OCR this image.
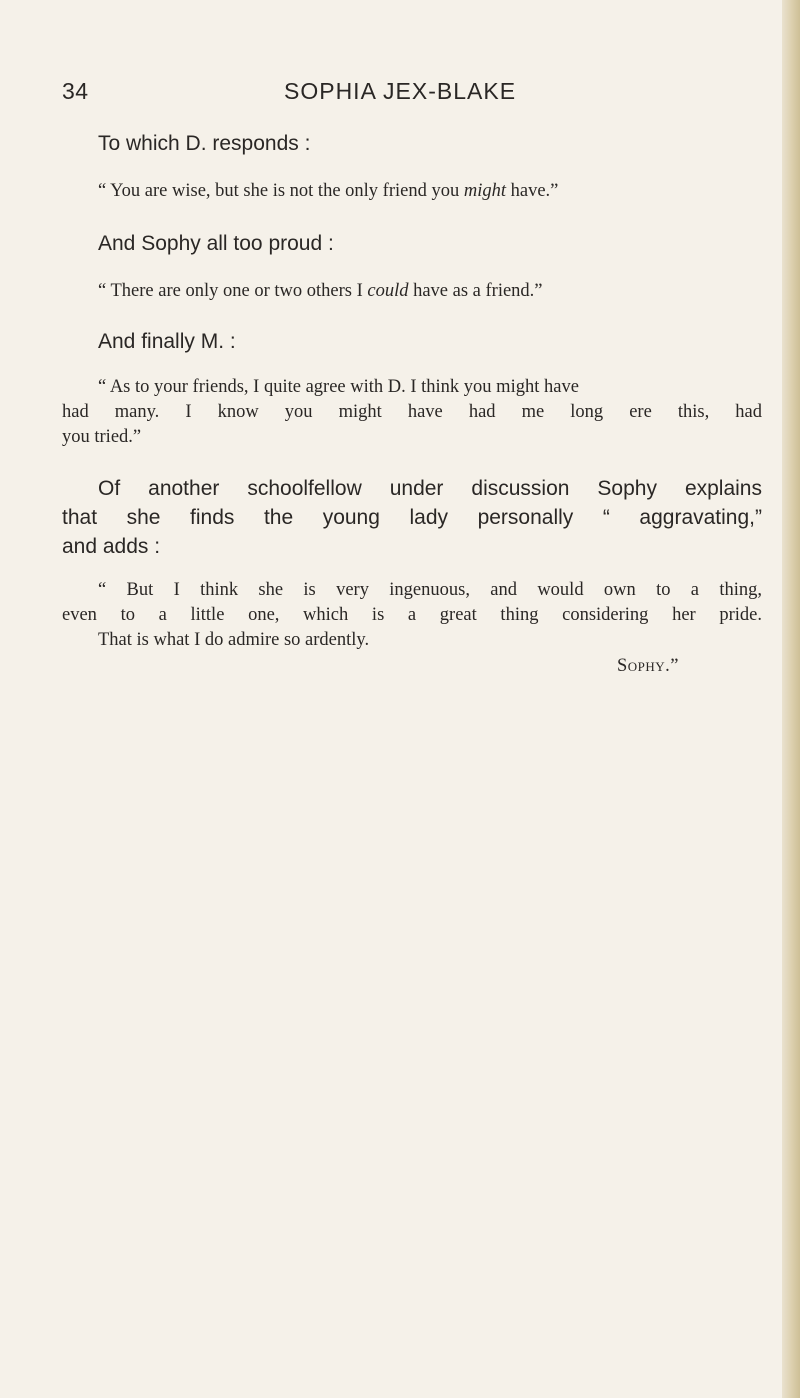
34	SOPHIA JEX-BLAKE
To which D. responds :
“ You are wise, but she is not the only friend you might have.”
And Sophy all too proud :
“ There are only one or two others I could have as a friend.”
And finally M. :
“ As to your friends, I quite agree with D. I think you might have
had many. I know you might have had me long ere this, had
you tried.”
Of another schoolfellow under discussion Sophy explains
that she finds the young lady personally “ aggravating,”
and adds :
“ But I think she is very ingenuous, and would own to a thing,
even to a little one, which is a great thing considering her pride.
That is what I do admire so ardently.
Sophy.”
